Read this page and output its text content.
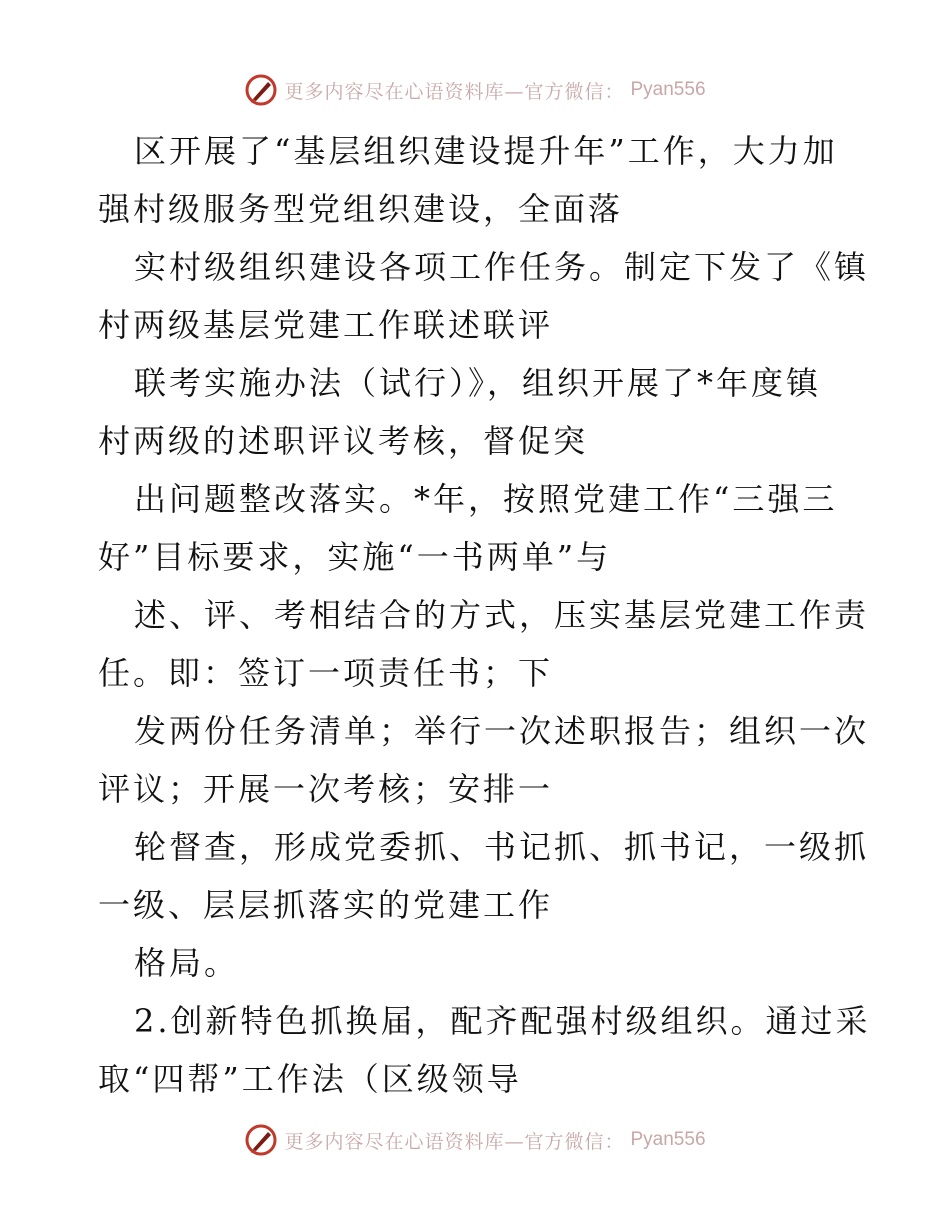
更多内容尽在心语资料库—官方微信： Pyan556
区开展了“基层组织建设提升年”工作，大力加
强村级服务型党组织建设，全面落
实村级组织建设各项工作任务。制定下发了《镇
村两级基层党建工作联述联评
联考实施办法（试行）》，组织开展了*年度镇
村两级的述职评议考核，督促突
出问题整改落实。*年，按照党建工作“三强三
好”目标要求，实施“一书两单”与
述、评、考相结合的方式，压实基层党建工作责
任。即：签订一项责任书；下
发两份任务清单；举行一次述职报告；组织一次
评议；开展一次考核；安排一
轮督查，形成党委抓、书记抓、抓书记，一级抓
一级、层层抓落实的党建工作
格局。
2.创新特色抓换届，配齐配强村级组织。通过采
取“四帮”工作法（区级领导
更多内容尽在心语资料库—官方微信： Pyan556
